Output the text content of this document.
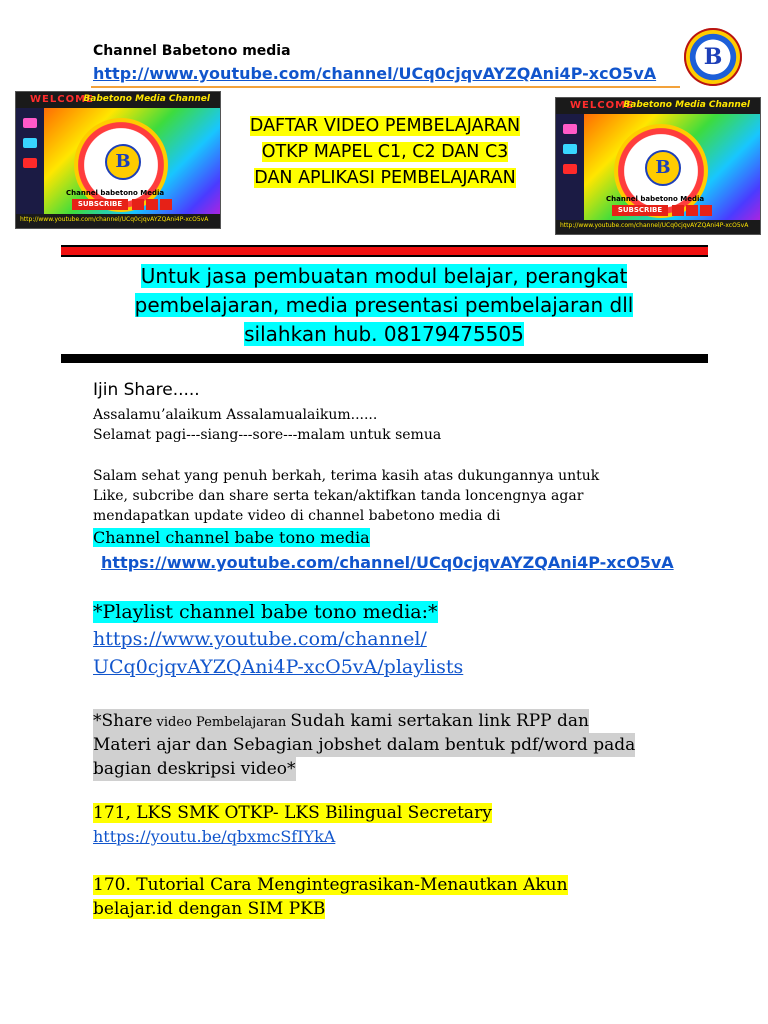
Channel Babetono media
http://www.youtube.com/channel/UCq0cjqvAYZQAni4P-xcO5vA
B
WELCOME
Babetono Media Channel
B
Channel babetono Media
SUBSCRIBE
http://www.youtube.com/channel/UCq0cjqvAYZQAni4P-xcO5vA
DAFTAR VIDEO PEMBELAJARAN
OTKP MAPEL C1, C2 DAN C3
DAN APLIKASI PEMBELAJARAN
WELCOME
Babetono Media Channel
B
Channel babetono Media
SUBSCRIBE
http://www.youtube.com/channel/UCq0cjqvAYZQAni4P-xcO5vA
Untuk jasa pembuatan modul belajar, perangkat
pembelajaran, media presentasi pembelajaran dll
silahkan hub. 08179475505
Ijin Share.....
Assalamu’alaikum Assalamualaikum......
Selamat pagi---siang---sore---malam untuk semua
Salam sehat yang penuh berkah, terima kasih atas dukungannya untuk
Like, subcribe dan share serta tekan/aktifkan tanda loncengnya agar
mendapatkan update video di channel babetono media di
Channel channel babe tono media
https://www.youtube.com/channel/UCq0cjqvAYZQAni4P-xcO5vA
*Playlist channel babe tono media:*
https://www.youtube.com/channel/
UCq0cjqvAYZQAni4P-xcO5vA/playlists
*Share video Pembelajaran Sudah kami sertakan link RPP dan
Materi ajar dan Sebagian jobshet dalam bentuk pdf/word pada
bagian deskripsi video*
171, LKS SMK OTKP- LKS Bilingual Secretary
https://youtu.be/qbxmcSfIYkA
170. Tutorial Cara Mengintegrasikan-Menautkan Akun
belajar.id dengan SIM PKB
